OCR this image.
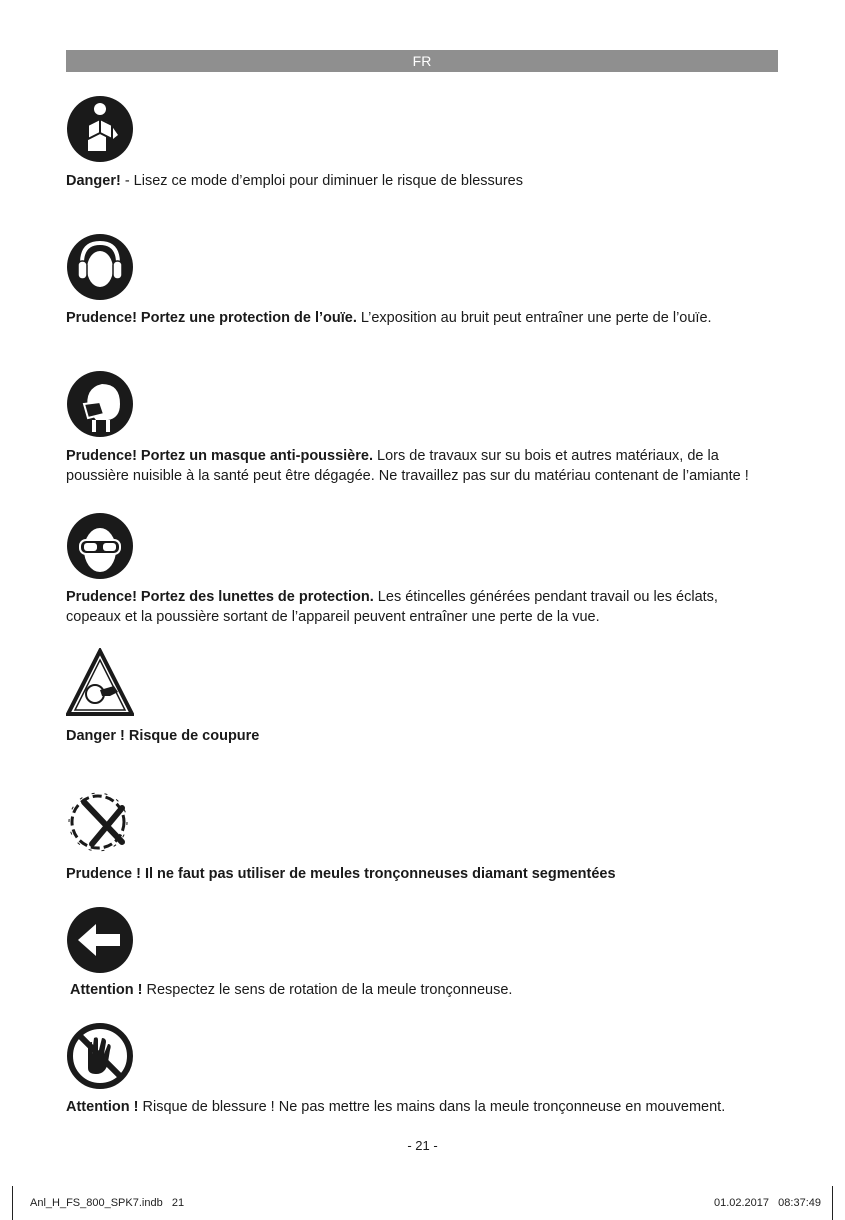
FR
Danger! - Lisez ce mode d’emploi pour diminuer le risque de blessures
Prudence! Portez une protection de l’ouïe. L’exposition au bruit peut entraîner une perte de l’ouïe.
Prudence! Portez un masque anti-poussière. Lors de travaux sur su bois et autres matériaux, de la poussière nuisible à la santé peut être dégagée. Ne travaillez pas sur du matériau contenant de l’amiante !
Prudence! Portez des lunettes de protection. Les étincelles générées pendant travail ou les éclats, copeaux et la poussière sortant de l’appareil peuvent entraîner une perte de la vue.
Danger ! Risque de coupure
Prudence ! Il ne faut pas utiliser de meules tronçonneuses diamant segmentées
Attention ! Respectez le sens de rotation de la meule tronçonneuse.
Attention ! Risque de blessure ! Ne pas mettre les mains dans la meule tronçonneuse en mouvement.
- 21 -
Anl_H_FS_800_SPK7.indb   21	01.02.2017   08:37:49
